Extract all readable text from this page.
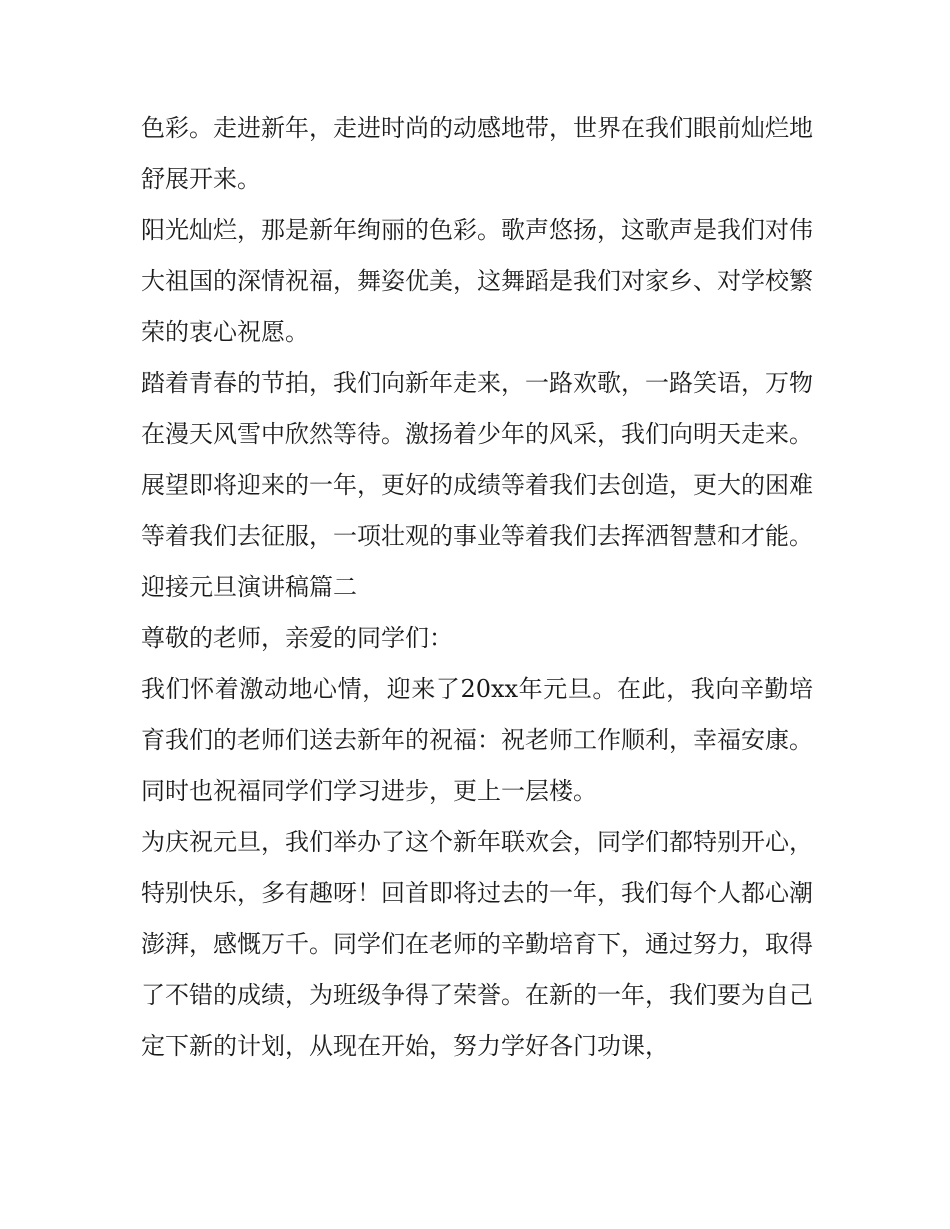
色彩。走进新年，走进时尚的动感地带，世界在我们眼前灿烂地舒展开来。

阳光灿烂，那是新年绚丽的色彩。歌声悠扬，这歌声是我们对伟大祖国的深情祝福，舞姿优美，这舞蹈是我们对家乡、对学校繁荣的衷心祝愿。

踏着青春的节拍，我们向新年走来，一路欢歌，一路笑语，万物在漫天风雪中欣然等待。激扬着少年的风采，我们向明天走来。

展望即将迎来的一年，更好的成绩等着我们去创造，更大的困难等着我们去征服，一项壮观的事业等着我们去挥洒智慧和才能。 迎接元旦演讲稿篇二

尊敬的老师，亲爱的同学们：

我们怀着激动地心情，迎来了20xx年元旦。在此，我向辛勤培育我们的老师们送去新年的祝福：祝老师工作顺利，幸福安康。同时也祝福同学们学习进步，更上一层楼。

为庆祝元旦，我们举办了这个新年联欢会，同学们都特别开心，特别快乐，多有趣呀！回首即将过去的一年，我们每个人都心潮澎湃，感慨万千。同学们在老师的辛勤培育下，通过努力，取得了不错的成绩，为班级争得了荣誉。在新的一年，我们要为自己定下新的计划，从现在开始，努力学好各门功课，
